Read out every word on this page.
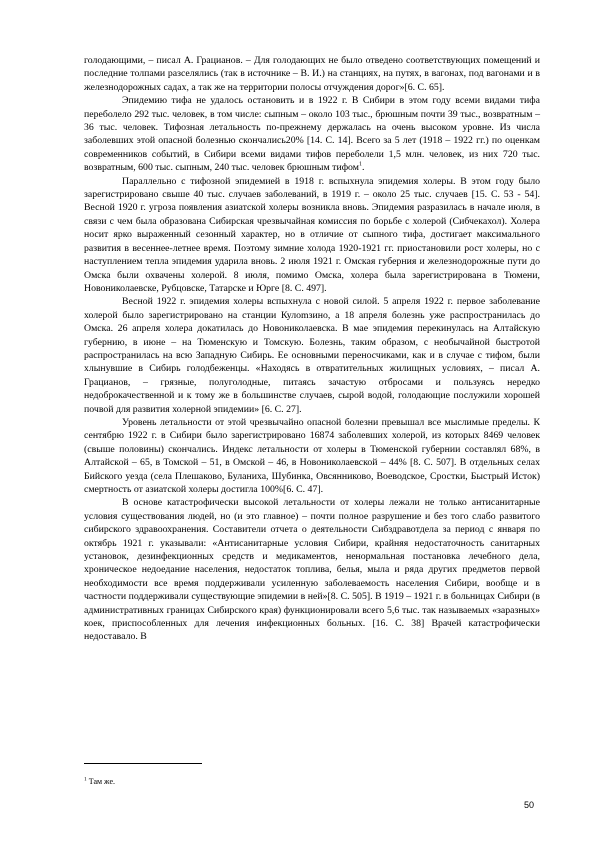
голодающими, – писал А. Грацианов. – Для голодающих не было отведено соответствующих помещений и последние толпами разселялись (так в источнике – В. И.) на станциях, на путях, в вагонах, под вагонами и в железнодорожных садах, а так же на территории полосы отчуждения дорог»[6. С. 65].

Эпидемию тифа не удалось остановить и в 1922 г. В Сибири в этом году всеми видами тифа переболело 292 тыс. человек, в том числе: сыпным – около 103 тыс., брюшным почти 39 тыс., возвратным – 36 тыс. человек. Тифозная летальность по-прежнему держалась на очень высоком уровне. Из числа заболевших этой опасной болезнью скончались20% [14. С. 14]. Всего за 5 лет (1918 – 1922 гг.) по оценкам современников событий, в Сибири всеми видами тифов переболели 1,5 млн. человек, из них 720 тыс. возвратным, 600 тыс. сыпным, 240 тыс. человек брюшным тифом$^1$.

Параллельно с тифозной эпидемией в 1918 г. вспыхнула эпидемия холеры. В этом году было зарегистрировано свыше 40 тыс. случаев заболеваний, в 1919 г. – около 25 тыс. случаев [15. С. 53 - 54]. Весной 1920 г. угроза появления азиатской холеры возникла вновь. Эпидемия разразилась в начале июля, в связи с чем была образована Сибирская чрезвычайная комиссия по борьбе с холерой (Сибчекахол). Холера носит ярко выраженный сезонный характер, но в отличие от сыпного тифа, достигает максимального развития в весеннее-летнее время. Поэтому зимние холода 1920-1921 гг. приостановили рост холеры, но с наступлением тепла эпидемия ударила вновь. 2 июля 1921 г. Омская губерния и железнодорожные пути до Омска были охвачены холерой. 8 июля, помимо Омска, холера была зарегистрирована в Тюмени, Новониколаевске, Рубцовске, Татарске и Юрге [8. С. 497].

Весной 1922 г. эпидемия холеры вспыхнула с новой силой. 5 апреля 1922 г. первое заболевание холерой было зарегистрировано на станции Кулomзино, а 18 апреля болезнь уже распространилась до Омска. 26 апреля холера докатилась до Новониколаевска. В мае эпидемия перекинулась на Алтайскую губернию, в июне – на Тюменскую и Томскую. Болезнь, таким образом, с необычайной быстротой распространилась на всю Западную Сибирь. Ее основными переносчиками, как и в случае с тифом, были хлынувшие в Сибирь голодбеженцы. «Находясь в отвратительных жилищных условиях, – писал А. Грацианов, – грязные, полуголодные, питаясь зачастую отбросами и пользуясь нередко недоброкачественной и к тому же в большинстве случаев, сырой водой, голодающие послужили хорошей почвой для развития холерной эпидемии» [6. С. 27].

Уровень летальности от этой чрезвычайно опасной болезни превышал все мыслимые пределы. К сентябрю 1922 г. в Сибири было зарегистрировано 16874 заболевших холерой, из которых 8469 человек (свыше половины) скончались. Индекс летальности от холеры в Тюменской губернии составлял 68%, в Алтайской – 65, в Томской – 51, в Омской – 46, в Новониколаевской – 44% [8. С. 507]. В отдельных селах Бийского уезда (села Плешаково, Буланиха, Шубинка, Овсянниково, Воеводское, Сростки, Быстрый Исток) смертность от азиатской холеры достигла 100%[6. С. 47].

В основе катастрофически высокой летальности от холеры лежали не только антисанитарные условия существования людей, но (и это главное) – почти полное разрушение и без того слабо развитого сибирского здравоохранения. Составители отчета о деятельности Сибздравотдела за период с января по октябрь 1921 г. указывали: «Антисанитарные условия Сибири, крайняя недостаточность санитарных установок, дезинфекционных средств и медикаментов, ненормальная постановка лечебного дела, хроническое недоедание населения, недостаток топлива, белья, мыла и ряда других предметов первой необходимости все время поддерживали усиленную заболеваемость населения Сибири, вообще и в частности поддерживали существующие эпидемии в ней»[8. С. 505]. В 1919 – 1921 г. в больницах Сибири (в административных границах Сибирского края) функционировали всего 5,6 тыс. так называемых «заразных» коек, приспособленных для лечения инфекционных больных. [16. С. 38] Врачей катастрофически недоставало. В

$^1$ Там же.
50
